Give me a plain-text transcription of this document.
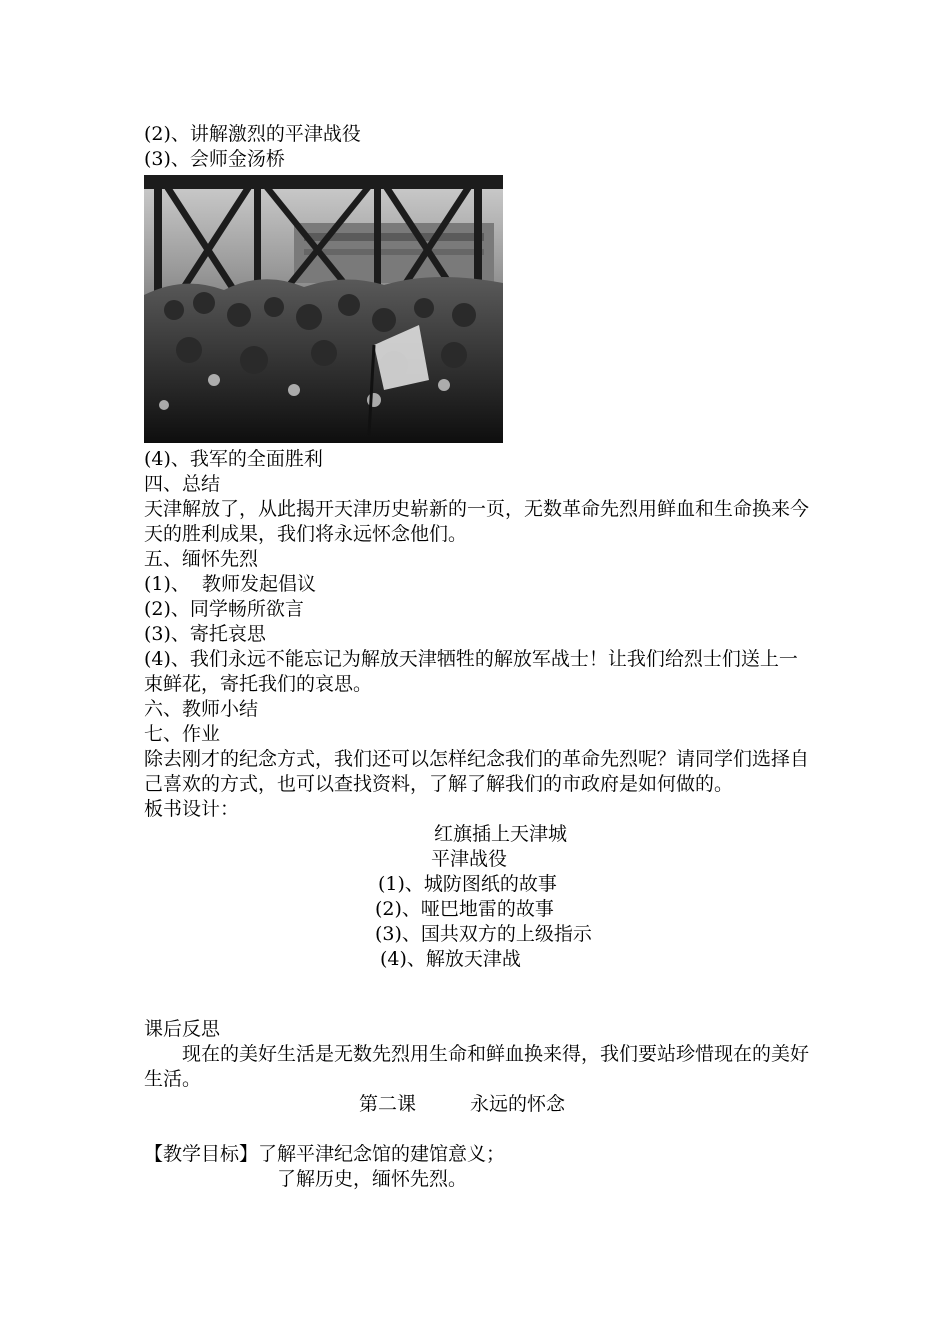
(2)、讲解激烈的平津战役
(3)、会师金汤桥
(4)、我军的全面胜利
四、总结
天津解放了，从此揭开天津历史崭新的一页，无数革命先烈用鲜血和生命换来今天的胜利成果，我们将永远怀念他们。
五、缅怀先烈
(1)、  教师发起倡议
(2)、同学畅所欲言
(3)、寄托哀思
(4)、我们永远不能忘记为解放天津牺牲的解放军战士！让我们给烈士们送上一束鲜花，寄托我们的哀思。
六、教师小结
七、作业
除去刚才的纪念方式，我们还可以怎样纪念我们的革命先烈呢？请同学们选择自己喜欢的方式，也可以查找资料，了解了解我们的市政府是如何做的。
板书设计：
红旗插上天津城
平津战役
(1)、城防图纸的故事
(2)、哑巴地雷的故事
(3)、国共双方的上级指示
(4)、解放天津战
课后反思
现在的美好生活是无数先烈用生命和鲜血换来得，我们要站珍惜现在的美好生活。
第二课	永远的怀念
【教学目标】了解平津纪念馆的建馆意义；
了解历史，缅怀先烈。
